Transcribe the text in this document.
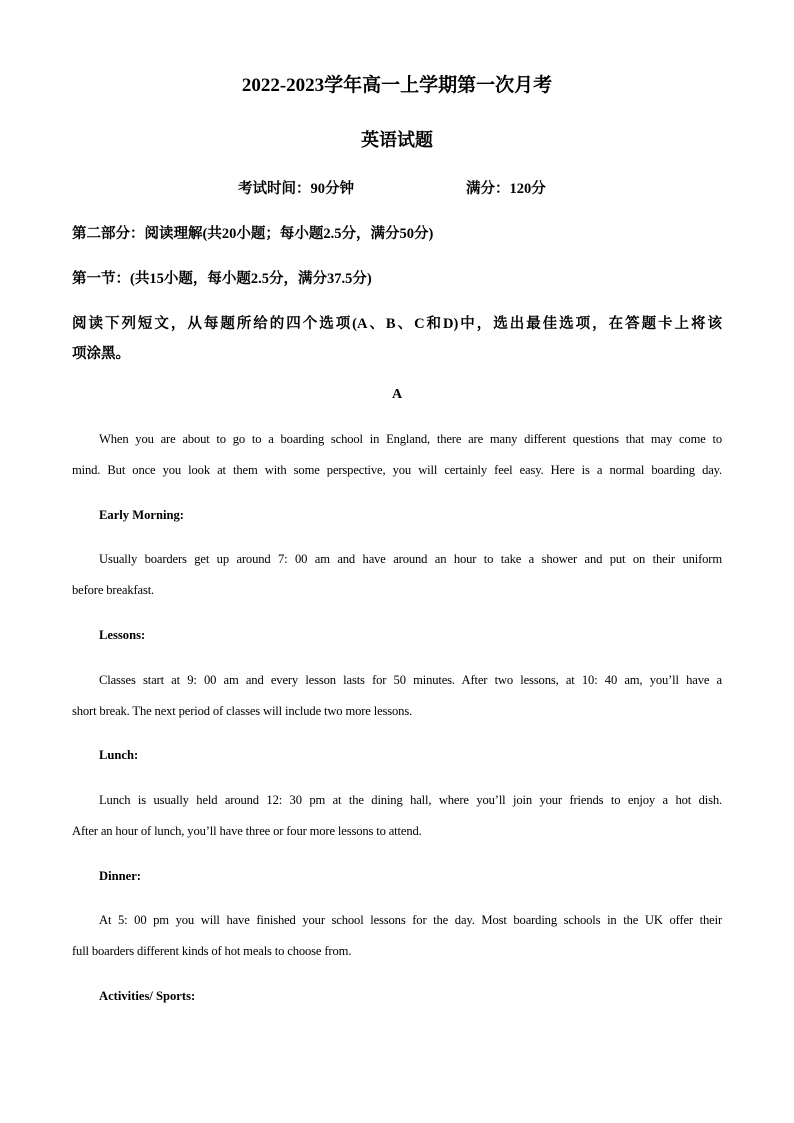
2022-2023学年高一上学期第一次月考
英语试题
考试时间：90分钟	满分：120分
第二部分：阅读理解(共20小题；每小题2.5分，满分50分)
第一节：(共15小题，每小题2.5分，满分37.5分)
阅读下列短文，从每题所给的四个选项(A、B、C和D)中，选出最佳选项，在答题卡上将该
项涂黑。
A
When you are about to go to a boarding school in England, there are many different questions that may come to
mind. But once you look at them with some perspective, you will certainly feel easy. Here is a normal boarding day.
Early Morning:
Usually boarders get up around 7: 00 am and have around an hour to take a shower and put on their uniform
before breakfast.
Lessons:
Classes start at 9: 00 am and every lesson lasts for 50 minutes. After two lessons, at 10: 40 am, you’ll have a
short break. The next period of classes will include two more lessons.
Lunch:
Lunch is usually held around 12: 30 pm at the dining hall, where you’ll join your friends to enjoy a hot dish.
After an hour of lunch, you’ll have three or four more lessons to attend.
Dinner:
At 5: 00 pm you will have finished your school lessons for the day. Most boarding schools in the UK offer their
full boarders different kinds of hot meals to choose from.
Activities/ Sports:
